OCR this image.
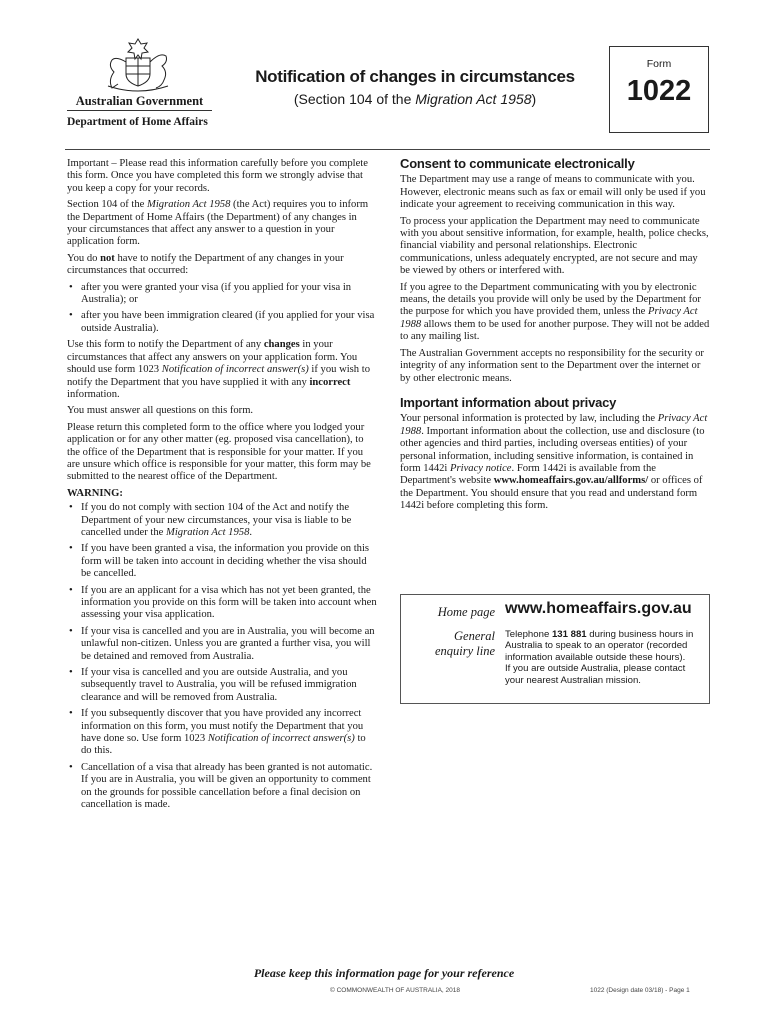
Australian Government
Department of Home Affairs
Notification of changes in circumstances
(Section 104 of the Migration Act 1958)
Form
1022

Important – Please read this information carefully before you complete this form. Once you have completed this form we strongly advise that you keep a copy for your records.

Section 104 of the Migration Act 1958 (the Act) requires you to inform the Department of Home Affairs (the Department) of any changes in your circumstances that affect any answer to a question in your application form.

You do not have to notify the Department of any changes in your circumstances that occurred:

• after you were granted your visa (if you applied for your visa in Australia); or
• after you have been immigration cleared (if you applied for your visa outside Australia).

Use this form to notify the Department of any changes in your circumstances that affect any answers on your application form. You should use form 1023 Notification of incorrect answer(s) if you wish to notify the Department that you have supplied it with any incorrect information.

You must answer all questions on this form.

Please return this completed form to the office where you lodged your application or for any other matter (eg. proposed visa cancellation), to the office of the Department that is responsible for your matter. If you are unsure which office is responsible for your matter, this form may be submitted to the nearest office of the Department.

WARNING:

• If you do not comply with section 104 of the Act and notify the Department of your new circumstances, your visa is liable to be cancelled under the Migration Act 1958.
• If you have been granted a visa, the information you provide on this form will be taken into account in deciding whether the visa should be cancelled.
• If you are an applicant for a visa which has not yet been granted, the information you provide on this form will be taken into account when assessing your visa application.
• If your visa is cancelled and you are in Australia, you will become an unlawful non-citizen. Unless you are granted a further visa, you will be detained and removed from Australia.
• If your visa is cancelled and you are outside Australia, and you subsequently travel to Australia, you will be refused immigration clearance and will be removed from Australia.
• If you subsequently discover that you have provided any incorrect information on this form, you must notify the Department that you have done so. Use form 1023 Notification of incorrect answer(s) to do this.
• Cancellation of a visa that already has been granted is not automatic. If you are in Australia, you will be given an opportunity to comment on the grounds for possible cancellation before a final decision on cancellation is made.
Consent to communicate electronically

The Department may use a range of means to communicate with you. However, electronic means such as fax or email will only be used if you indicate your agreement to receiving communication in this way.

To process your application the Department may need to communicate with you about sensitive information, for example, health, police checks, financial viability and personal relationships. Electronic communications, unless adequately encrypted, are not secure and may be viewed by others or interfered with.

If you agree to the Department communicating with you by electronic means, the details you provide will only be used by the Department for the purpose for which you have provided them, unless the Privacy Act 1988 allows them to be used for another purpose. They will not be added to any mailing list.

The Australian Government accepts no responsibility for the security or integrity of any information sent to the Department over the internet or by other electronic means.

Important information about privacy

Your personal information is protected by law, including the Privacy Act 1988. Important information about the collection, use and disclosure (to other agencies and third parties, including overseas entities) of your personal information, including sensitive information, is contained in form 1442i Privacy notice. Form 1442i is available from the Department's website www.homeaffairs.gov.au/allforms/ or offices of the Department. You should ensure that you read and understand form 1442i before completing this form.

Home page www.homeaffairs.gov.au
General
enquiry line
Telephone 131 881 during business hours in Australia to speak to an operator (recorded information available outside these hours).
If you are outside Australia, please contact your nearest Australian mission.
Please keep this information page for your reference
© COMMONWEALTH OF AUSTRALIA, 2018	1022 (Design date 03/18) - Page 1
